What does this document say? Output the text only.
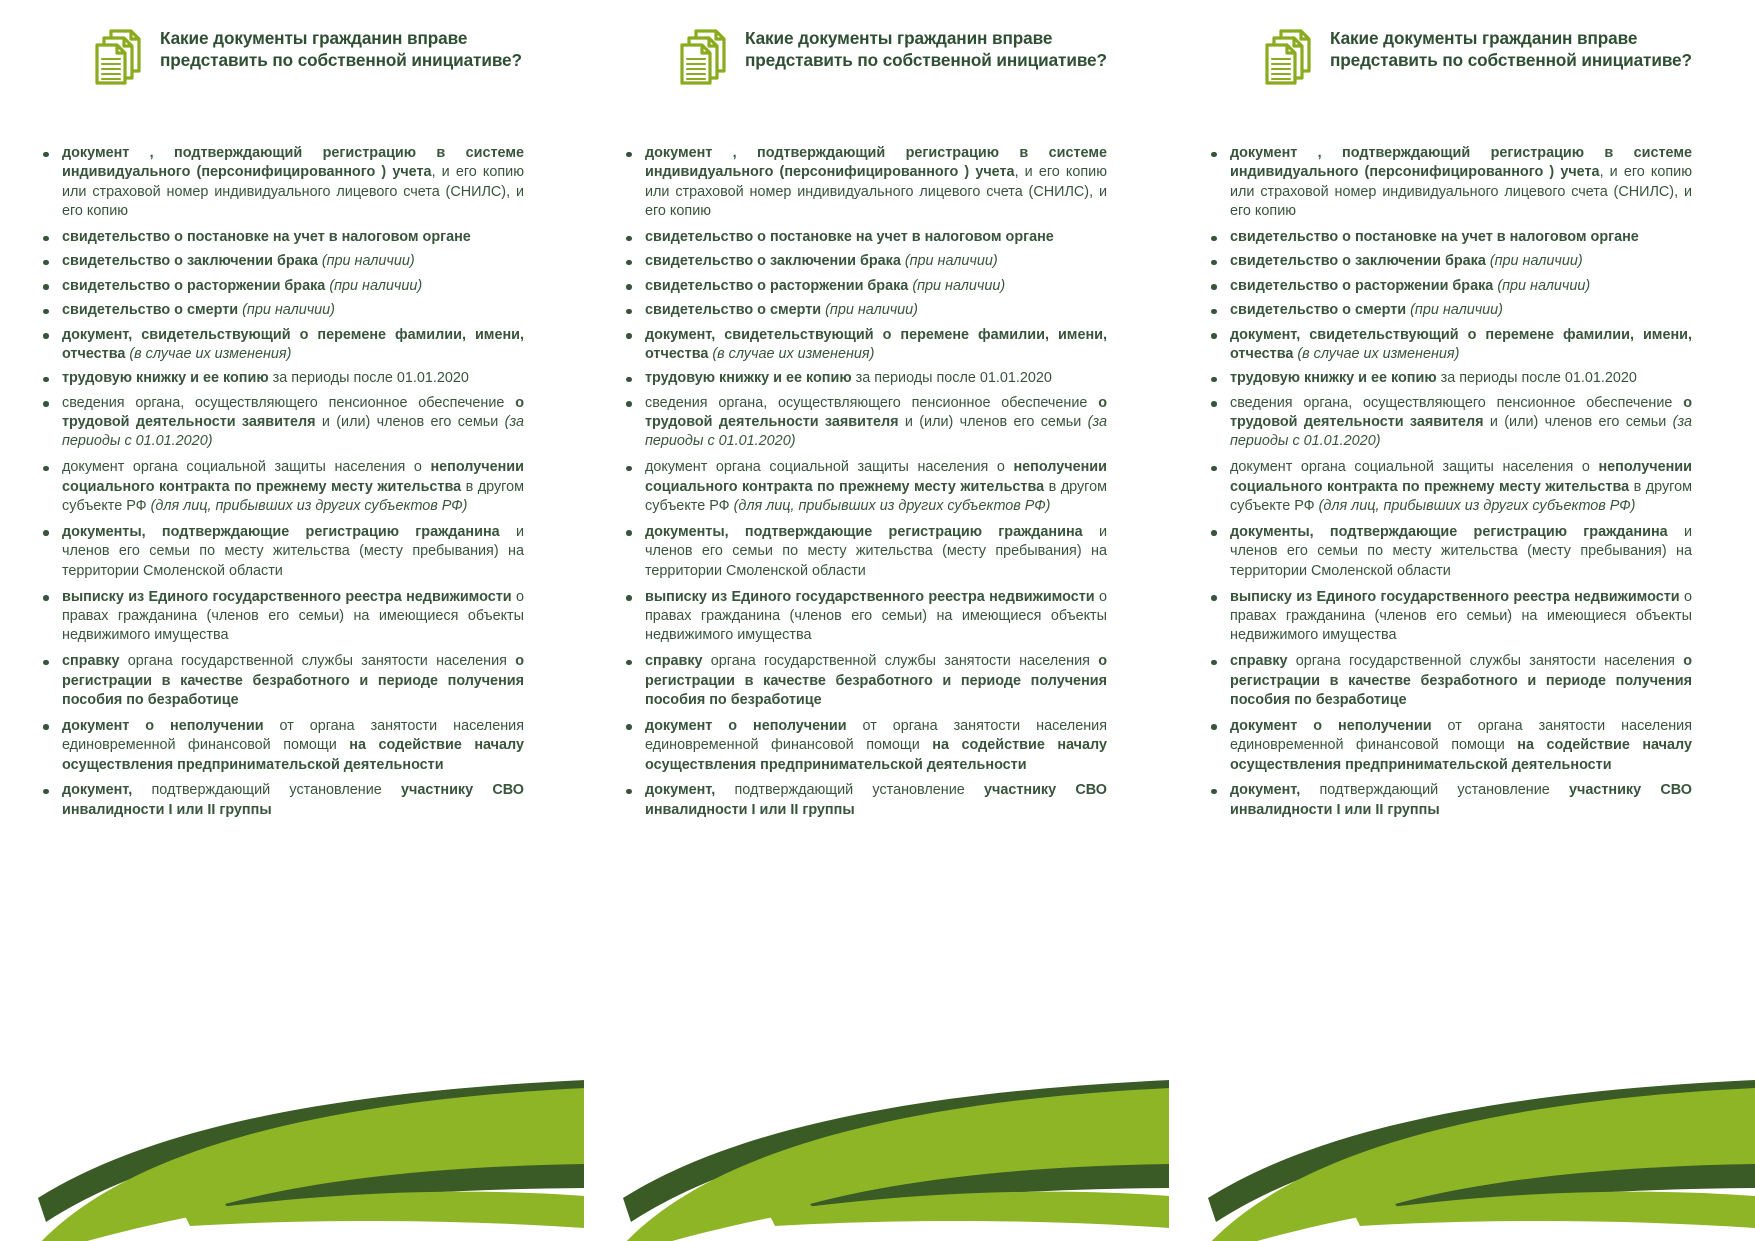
Какие документы гражданин вправе
представить по собственной инициативе?
документ , подтверждающий регистрацию в системе индивидуального (персонифицированного ) учета, и его копию или страховой номер индивидуального лицевого счета (СНИЛС), и его копию
свидетельство о постановке на учет в налоговом органе
свидетельство о заключении брака (при наличии)
свидетельство о расторжении брака (при наличии)
свидетельство о смерти (при наличии)
документ, свидетельствующий о перемене фамилии, имени, отчества (в случае их изменения)
трудовую книжку и ее копию за периоды после 01.01.2020
сведения органа, осуществляющего пенсионное обеспечение о трудовой деятельности заявителя и (или) членов его семьи (за периоды с 01.01.2020)
документ органа социальной защиты населения о неполучении социального контракта по прежнему месту жительства в другом субъекте РФ (для лиц, прибывших из других субъектов РФ)
документы, подтверждающие регистрацию гражданина и членов его семьи по месту жительства (месту пребывания) на территории Смоленской области
выписку из Единого государственного реестра недвижимости о правах гражданина (членов его семьи) на имеющиеся объекты недвижимого имущества
справку органа государственной службы занятости населения о регистрации в качестве безработного и периоде получения пособия по безработице
документ о неполучении от органа занятости населения единовременной финансовой помощи на содействие началу осуществления предпринимательской деятельности
документ, подтверждающий установление участнику СВО инвалидности I или II группы
Какие документы гражданин вправе
представить по собственной инициативе?
документ , подтверждающий регистрацию в системе индивидуального (персонифицированного ) учета, и его копию или страховой номер индивидуального лицевого счета (СНИЛС), и его копию
свидетельство о постановке на учет в налоговом органе
свидетельство о заключении брака (при наличии)
свидетельство о расторжении брака (при наличии)
свидетельство о смерти (при наличии)
документ, свидетельствующий о перемене фамилии, имени, отчества (в случае их изменения)
трудовую книжку и ее копию за периоды после 01.01.2020
сведения органа, осуществляющего пенсионное обеспечение о трудовой деятельности заявителя и (или) членов его семьи (за периоды с 01.01.2020)
документ органа социальной защиты населения о неполучении социального контракта по прежнему месту жительства в другом субъекте РФ (для лиц, прибывших из других субъектов РФ)
документы, подтверждающие регистрацию гражданина и членов его семьи по месту жительства (месту пребывания) на территории Смоленской области
выписку из Единого государственного реестра недвижимости о правах гражданина (членов его семьи) на имеющиеся объекты недвижимого имущества
справку органа государственной службы занятости населения о регистрации в качестве безработного и периоде получения пособия по безработице
документ о неполучении от органа занятости населения единовременной финансовой помощи на содействие началу осуществления предпринимательской деятельности
документ, подтверждающий установление участнику СВО инвалидности I или II группы
Какие документы гражданин вправе
представить по собственной инициативе?
документ , подтверждающий регистрацию в системе индивидуального (персонифицированного ) учета, и его копию или страховой номер индивидуального лицевого счета (СНИЛС), и его копию
свидетельство о постановке на учет в налоговом органе
свидетельство о заключении брака (при наличии)
свидетельство о расторжении брака (при наличии)
свидетельство о смерти (при наличии)
документ, свидетельствующий о перемене фамилии, имени, отчества (в случае их изменения)
трудовую книжку и ее копию за периоды после 01.01.2020
сведения органа, осуществляющего пенсионное обеспечение о трудовой деятельности заявителя и (или) членов его семьи (за периоды с 01.01.2020)
документ органа социальной защиты населения о неполучении социального контракта по прежнему месту жительства в другом субъекте РФ (для лиц, прибывших из других субъектов РФ)
документы, подтверждающие регистрацию гражданина и членов его семьи по месту жительства (месту пребывания) на территории Смоленской области
выписку из Единого государственного реестра недвижимости о правах гражданина (членов его семьи) на имеющиеся объекты недвижимого имущества
справку органа государственной службы занятости населения о регистрации в качестве безработного и периоде получения пособия по безработице
документ о неполучении от органа занятости населения единовременной финансовой помощи на содействие началу осуществления предпринимательской деятельности
документ, подтверждающий установление участнику СВО инвалидности I или II группы
